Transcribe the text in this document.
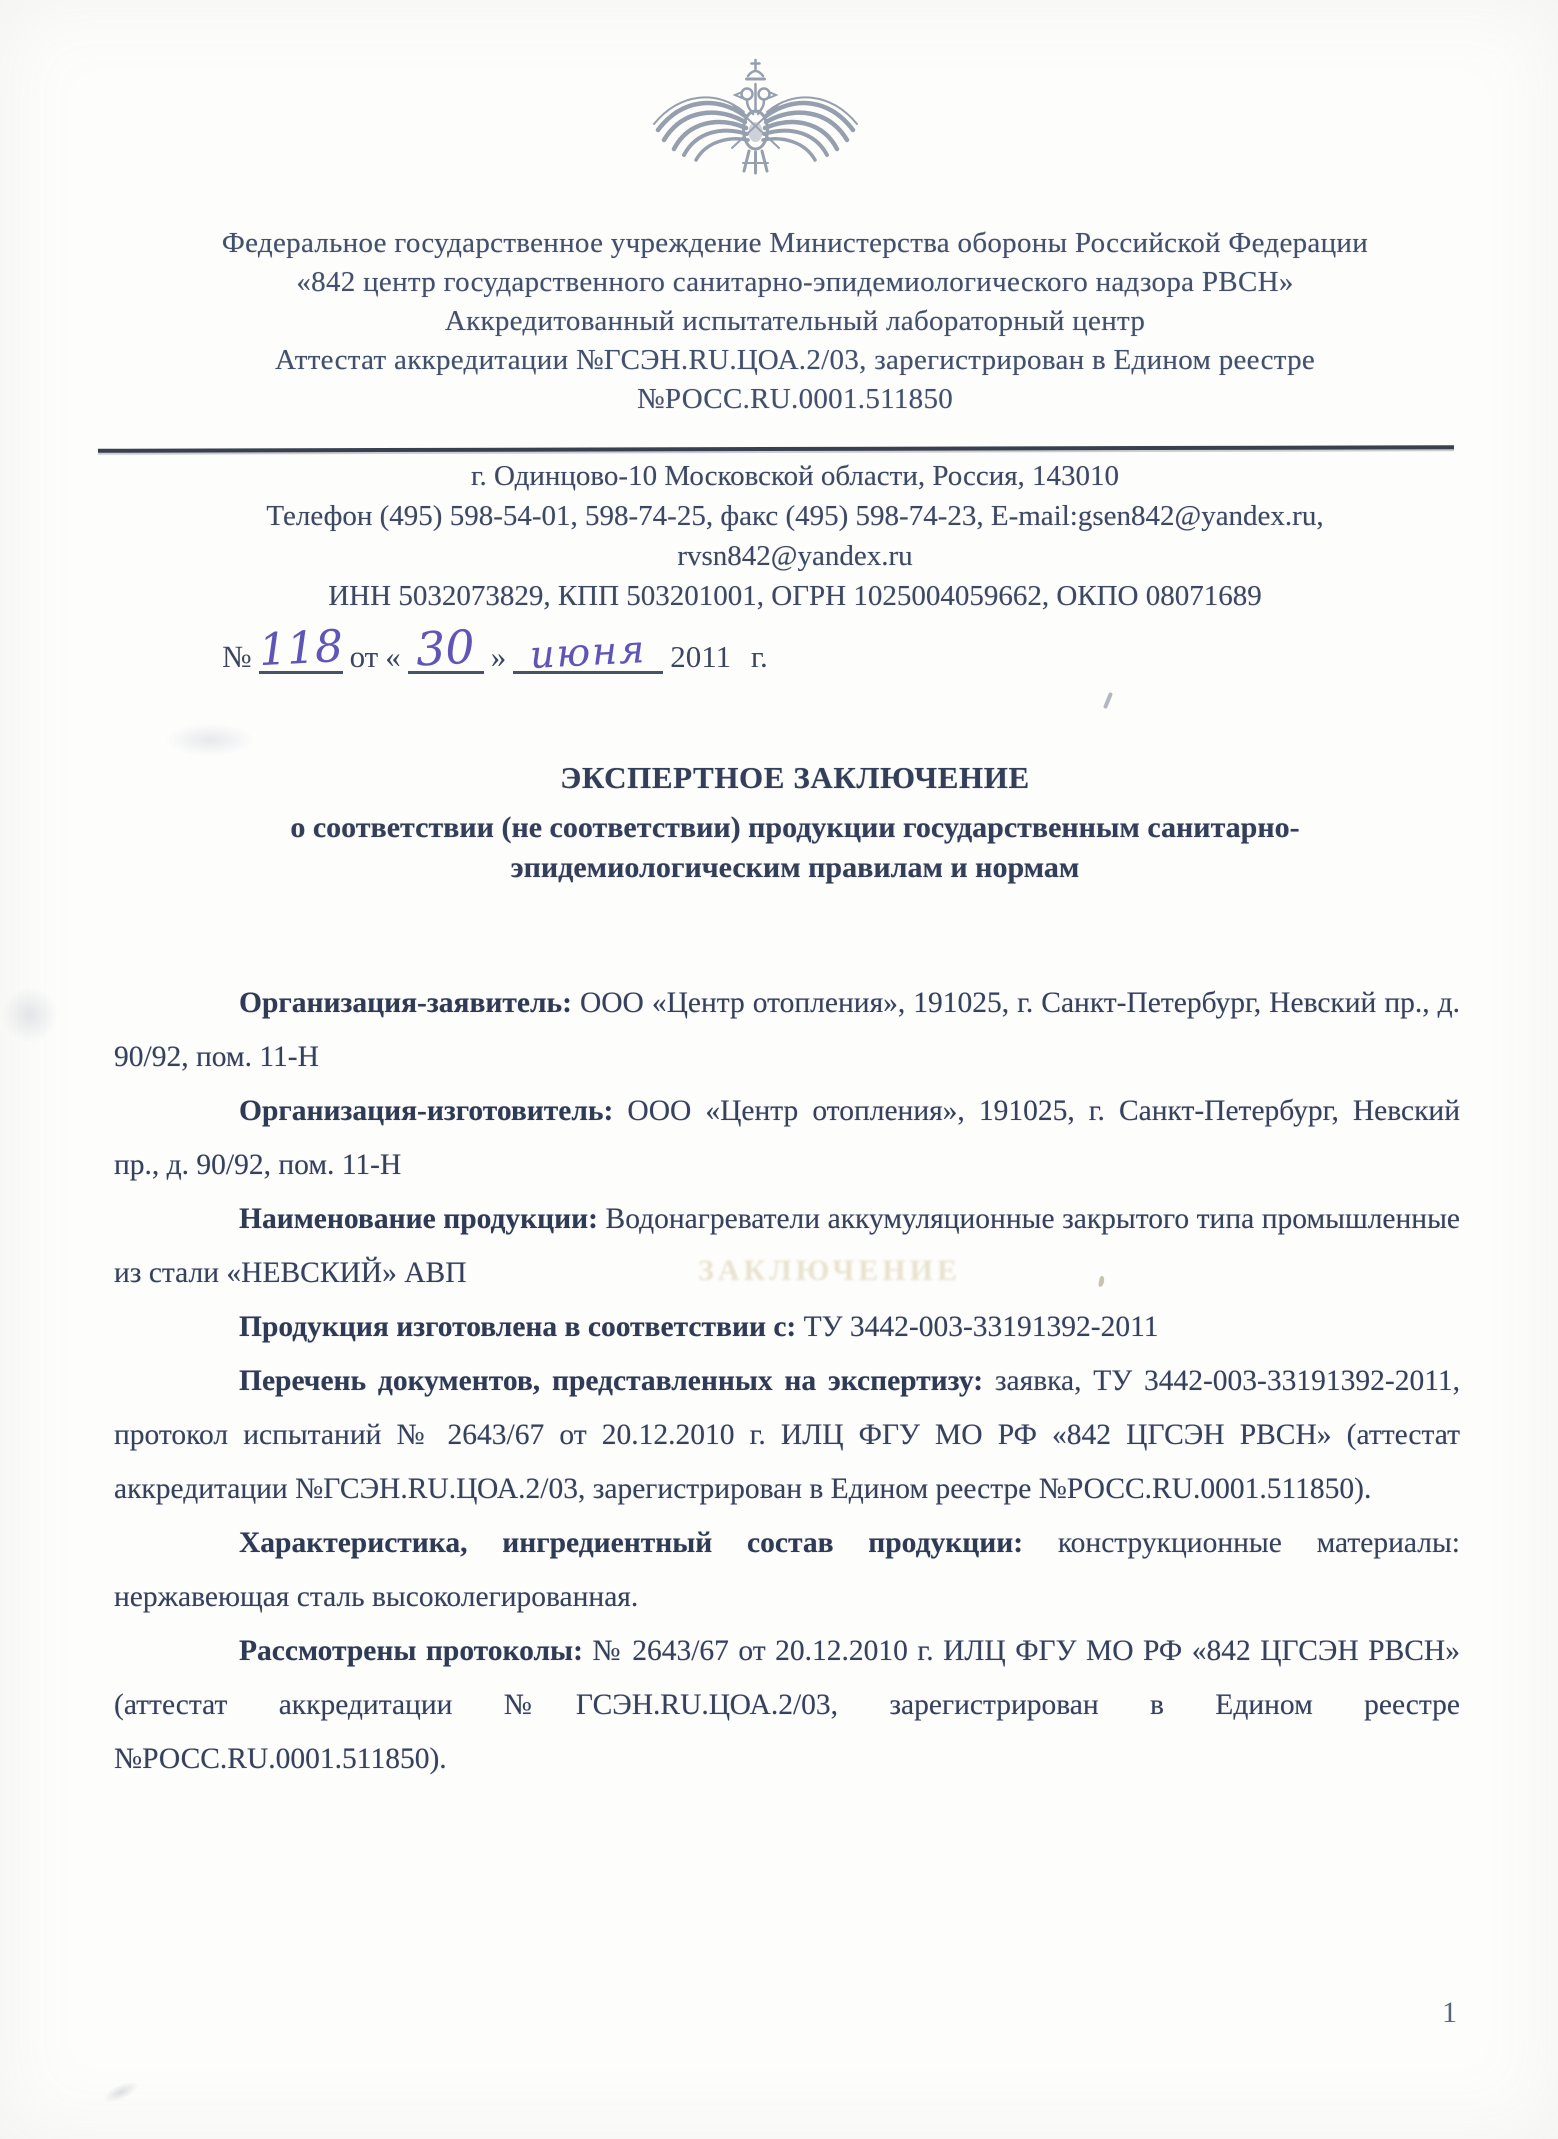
Федеральное государственное учреждение Министерства обороны Российской Федерации
«842 центр государственного санитарно-эпидемиологического надзора РВСН»
Аккредитованный испытательный лабораторный центр
Аттестат аккредитации №ГСЭН.RU.ЦОА.2/03, зарегистрирован в Едином реестре
№РОСС.RU.0001.511850
г. Одинцово-10 Московской области, Россия, 143010
Телефон (495) 598-54-01, 598-74-25, факс (495) 598-74-23, E-mail:gsen842@yandex.ru,
rvsn842@yandex.ru
ИНН 5032073829, КПП 503201001, ОГРН 1025004059662, ОКПО 08071689
№ 118 от « 30 » июня 2011 г.
ЭКСПЕРТНОЕ ЗАКЛЮЧЕНИЕ
о соответствии (не соответствии) продукции государственным санитарно-
эпидемиологическим правилам и нормам

Организация-заявитель: ООО «Центр отопления», 191025, г. Санкт-Петербург, Невский пр., д. 90/92, пом. 11-Н

Организация-изготовитель: ООО «Центр отопления», 191025, г. Санкт-Петербург, Невский пр., д. 90/92, пом. 11-Н

Наименование продукции: Водонагреватели аккумуляционные закрытого типа промышленные из стали «НЕВСКИЙ» АВП

Продукция изготовлена в соответствии с: ТУ 3442-003-33191392-2011

Перечень документов, представленных на экспертизу: заявка, ТУ 3442-003-33191392-2011, протокол испытаний № 2643/67 от 20.12.2010 г. ИЛЦ ФГУ МО РФ «842 ЦГСЭН РВСН» (аттестат аккредитации №ГСЭН.RU.ЦОА.2/03, зарегистрирован в Едином реестре №РОСС.RU.0001.511850).

Характеристика, ингредиентный состав продукции: конструкционные материалы: нержавеющая сталь высоколегированная.

Рассмотрены протоколы: № 2643/67 от 20.12.2010 г. ИЛЦ ФГУ МО РФ «842 ЦГСЭН РВСН» (аттестат аккредитации №ГСЭН.RU.ЦОА.2/03, зарегистрирован в Едином реестре №РОСС.RU.0001.511850).

1
ЗАКЛЮЧЕНИЕ
